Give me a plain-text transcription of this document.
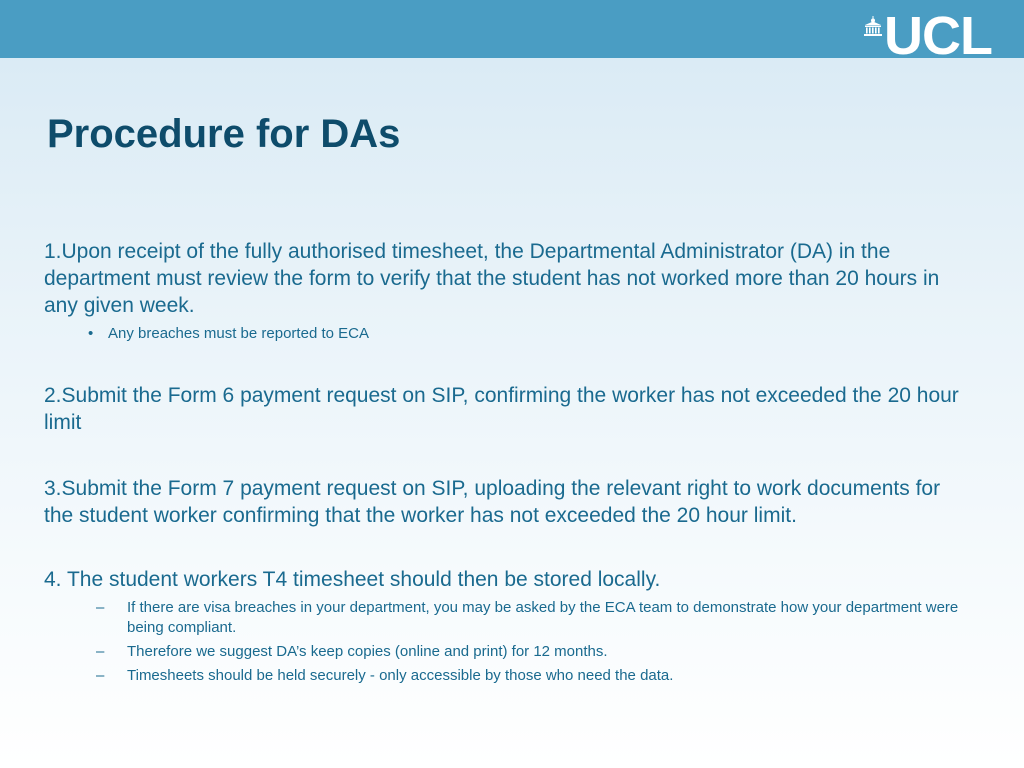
UCL
Procedure for DAs

1.Upon receipt of the fully authorised timesheet, the Departmental Administrator (DA) in the department must review the form to verify that the student has not worked more than 20 hours in any given week.

• Any breaches must be reported to ECA

2.Submit the Form 6 payment request on SIP, confirming the worker has not exceeded the 20 hour limit

3.Submit the Form 7 payment request on SIP, uploading the relevant right to work documents for the student worker confirming that the worker has not exceeded the 20 hour limit.

4. The student workers T4 timesheet should then be stored locally.

– If there are visa breaches in your department, you may be asked by the ECA team to demonstrate how your department were being compliant.
– Therefore we suggest DA’s keep copies (online and print) for 12 months.
– Timesheets should be held securely - only accessible by those who need the data.
